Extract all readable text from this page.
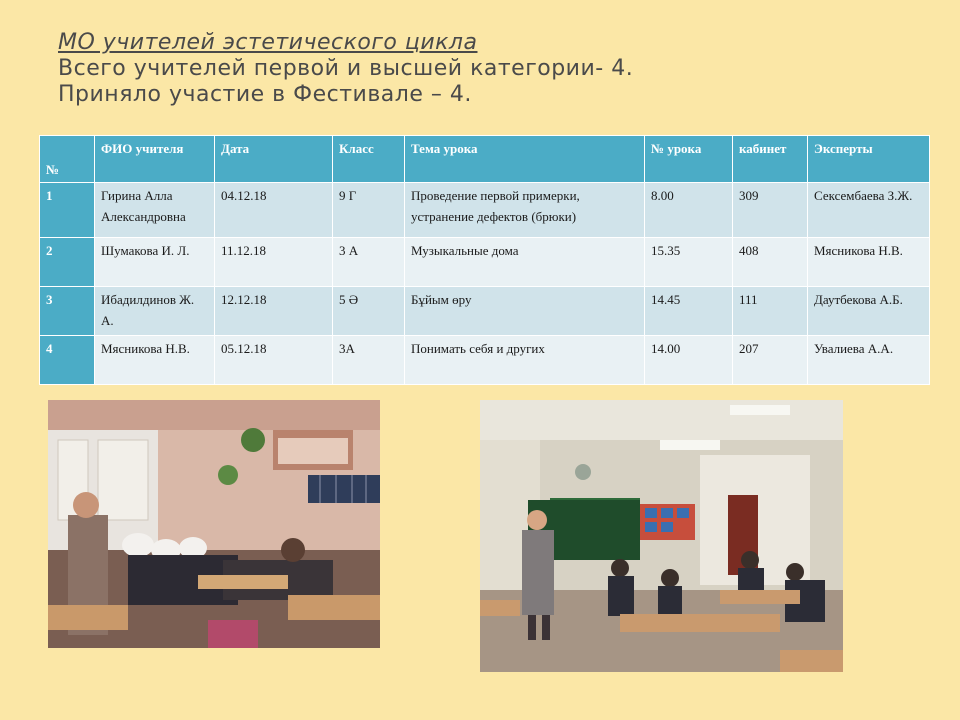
МО учителей эстетического цикла
Всего учителей первой и высшей категории- 4.
Приняло участие в Фестивале – 4.
№	ФИО учителя	Дата	Класс	Тема урока	№ урока	кабинет	Эксперты
1	Гирина Алла Александровна	04.12.18	9 Г	Проведение первой примерки, устранение дефектов (брюки)	8.00	309	Сексембаева З.Ж.
2	Шумакова И. Л.	11.12.18	3 А	Музыкальные дома	15.35	408	Мясникова Н.В.
3	Ибадилдинов Ж. А.	12.12.18	5 Ә	Бұйым өру	14.45	111	Даутбекова А.Б.
4	Мясникова Н.В.	05.12.18	3А	Понимать себя и других	14.00	207	Увалиева А.А.
